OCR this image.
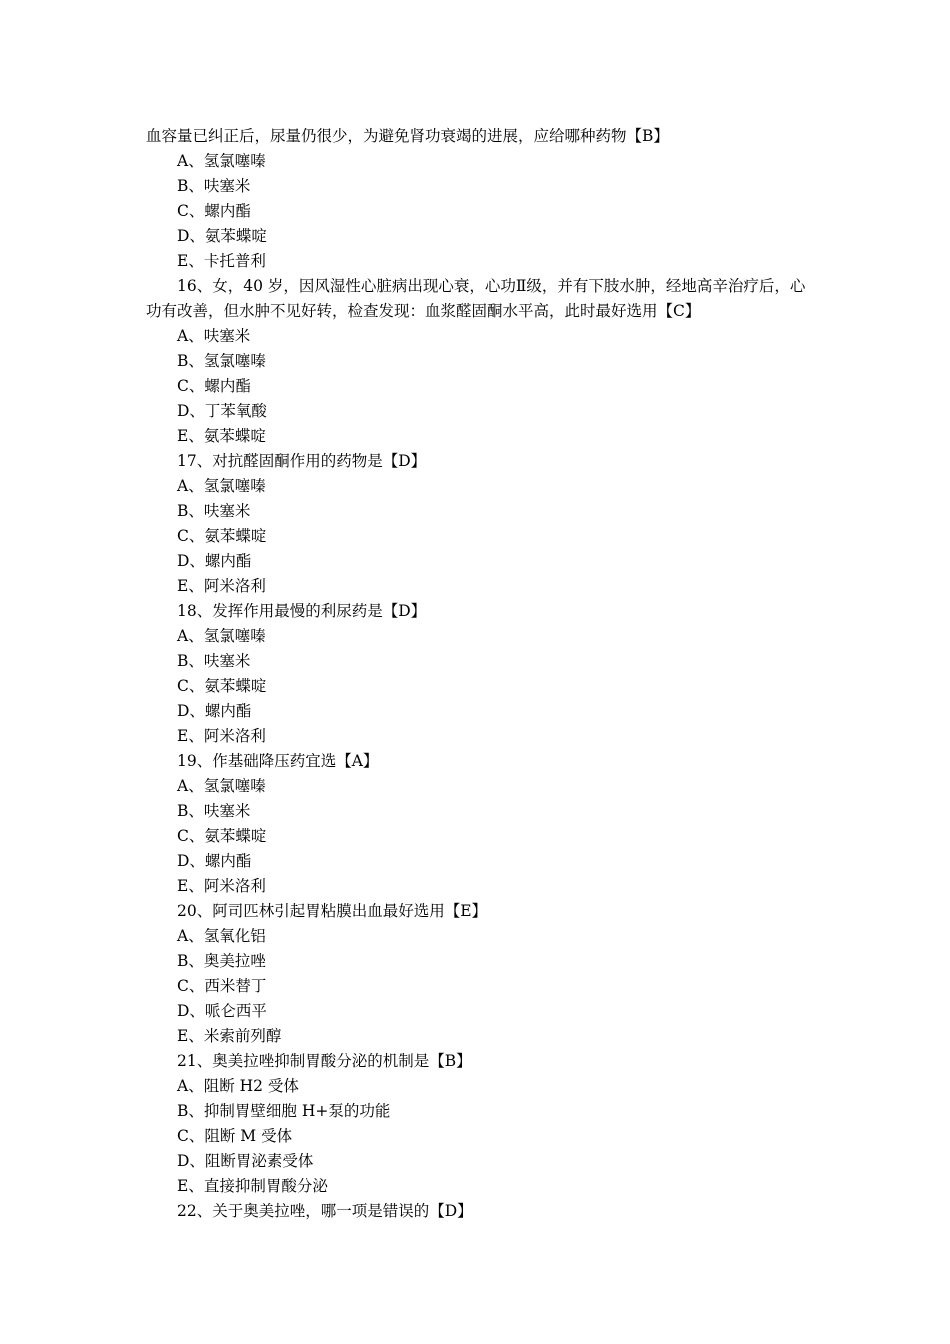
血容量已纠正后，尿量仍很少，为避免肾功衰竭的进展，应给哪种药物【B】
A、氢氯噻嗪
B、呋塞米
C、螺内酯
D、氨苯蝶啶
E、卡托普利
16、女，40 岁，因风湿性心脏病出现心衰，心功Ⅱ级，并有下肢水肿，经地高辛治疗后，心
功有改善，但水肿不见好转，检查发现：血浆醛固酮水平高，此时最好选用【C】
A、呋塞米
B、氢氯噻嗪
C、螺内酯
D、丁苯氧酸
E、氨苯蝶啶
17、对抗醛固酮作用的药物是【D】
A、氢氯噻嗪
B、呋塞米
C、氨苯蝶啶
D、螺内酯
E、阿米洛利
18、发挥作用最慢的利尿药是【D】
A、氢氯噻嗪
B、呋塞米
C、氨苯蝶啶
D、螺内酯
E、阿米洛利
19、作基础降压药宜选【A】
A、氢氯噻嗪
B、呋塞米
C、氨苯蝶啶
D、螺内酯
E、阿米洛利
20、阿司匹林引起胃粘膜出血最好选用【E】
A、氢氧化铝
B、奥美拉唑
C、西米替丁
D、哌仑西平
E、米索前列醇
21、奥美拉唑抑制胃酸分泌的机制是【B】
A、阻断 H2 受体
B、抑制胃壁细胞 H+泵的功能
C、阻断 M 受体
D、阻断胃泌素受体
E、直接抑制胃酸分泌
22、关于奥美拉唑，哪一项是错误的【D】
